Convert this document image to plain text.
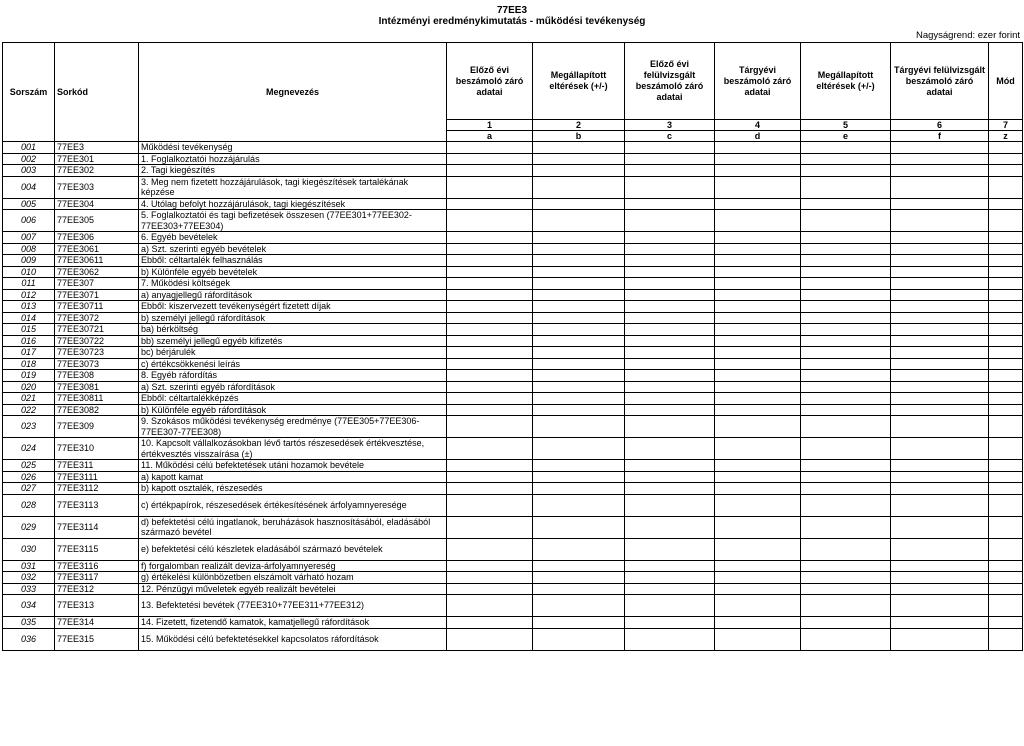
77EE3
Intézményi eredménykimutatás - működési tevékenység
Nagyságrend: ezer forint
Sorszám	Sorkód	Megnevezés	Előző évi beszámoló záró adatai	Megállapított eltérések (+/-)	Előző évi felülvizsgált beszámoló záró adatai	Tárgyévi beszámoló záró adatai	Megállapított eltérések (+/-)	Tárgyévi felülvizsgált beszámoló záró adatai	Mód
			1	2	3	4	5	6	7
			a	b	c	d	e	f	z
001	77EE3	Működési tevékenység							
002	77EE301	1. Foglalkoztatói hozzájárulás							
003	77EE302	2. Tagi kiegészítés							
004	77EE303	3. Meg nem fizetett hozzájárulások, tagi kiegészítések tartalékának képzése							
005	77EE304	4. Utólag befolyt hozzájárulások, tagi kiegészítések							
006	77EE305	5. Foglalkoztatói és tagi befizetések összesen (77EE301+77EE302-77EE303+77EE304)							
007	77EE306	6. Egyéb bevételek							
008	77EE3061	a) Szt. szerinti egyéb bevételek							
009	77EE30611	Ebből: céltartalék felhasználás							
010	77EE3062	b) Különféle egyéb bevételek							
011	77EE307	7. Működési költségek							
012	77EE3071	a) anyagjellegű ráfordítások							
013	77EE30711	Ebből: kiszervezett tevékenységért fizetett díjak							
014	77EE3072	b) személyi jellegű ráfordítások							
015	77EE30721	ba) bérköltség							
016	77EE30722	bb) személyi jellegű egyéb kifizetés							
017	77EE30723	bc) bérjárulék							
018	77EE3073	c) értékcsökkenési leírás							
019	77EE308	8. Egyéb ráfordítás							
020	77EE3081	a) Szt. szerinti egyéb ráfordítások							
021	77EE30811	Ebből: céltartalékképzés							
022	77EE3082	b) Különféle egyéb ráfordítások							
023	77EE309	9. Szokásos működési tevékenység eredménye (77EE305+77EE306-77EE307-77EE308)							
024	77EE310	10. Kapcsolt vállalkozásokban lévő tartós részesedések értékvesztése, értékvesztés visszaírása (±)							
025	77EE311	11. Működési célú befektetések utáni hozamok bevétele							
026	77EE3111	a) kapott kamat							
027	77EE3112	b) kapott osztalék, részesedés							
028	77EE3113	c) értékpapírok, részesedések értékesítésének árfolyamnyeresége							
029	77EE3114	d) befektetési célú ingatlanok, beruházások hasznosításából, eladásából származó bevétel							
030	77EE3115	e) befektetési célú készletek eladásából származó bevételek							
031	77EE3116	f) forgalomban realizált deviza-árfolyamnyereség							
032	77EE3117	g) értékelési különbözetben elszámolt várható hozam							
033	77EE312	12. Pénzügyi műveletek egyéb realizált bevételei							
034	77EE313	13. Befektetési bevétek (77EE310+77EE311+77EE312)							
035	77EE314	14. Fizetett, fizetendő kamatok, kamatjellegű ráfordítások							
036	77EE315	15. Működési célú befektetésekkel kapcsolatos ráfordítások							
